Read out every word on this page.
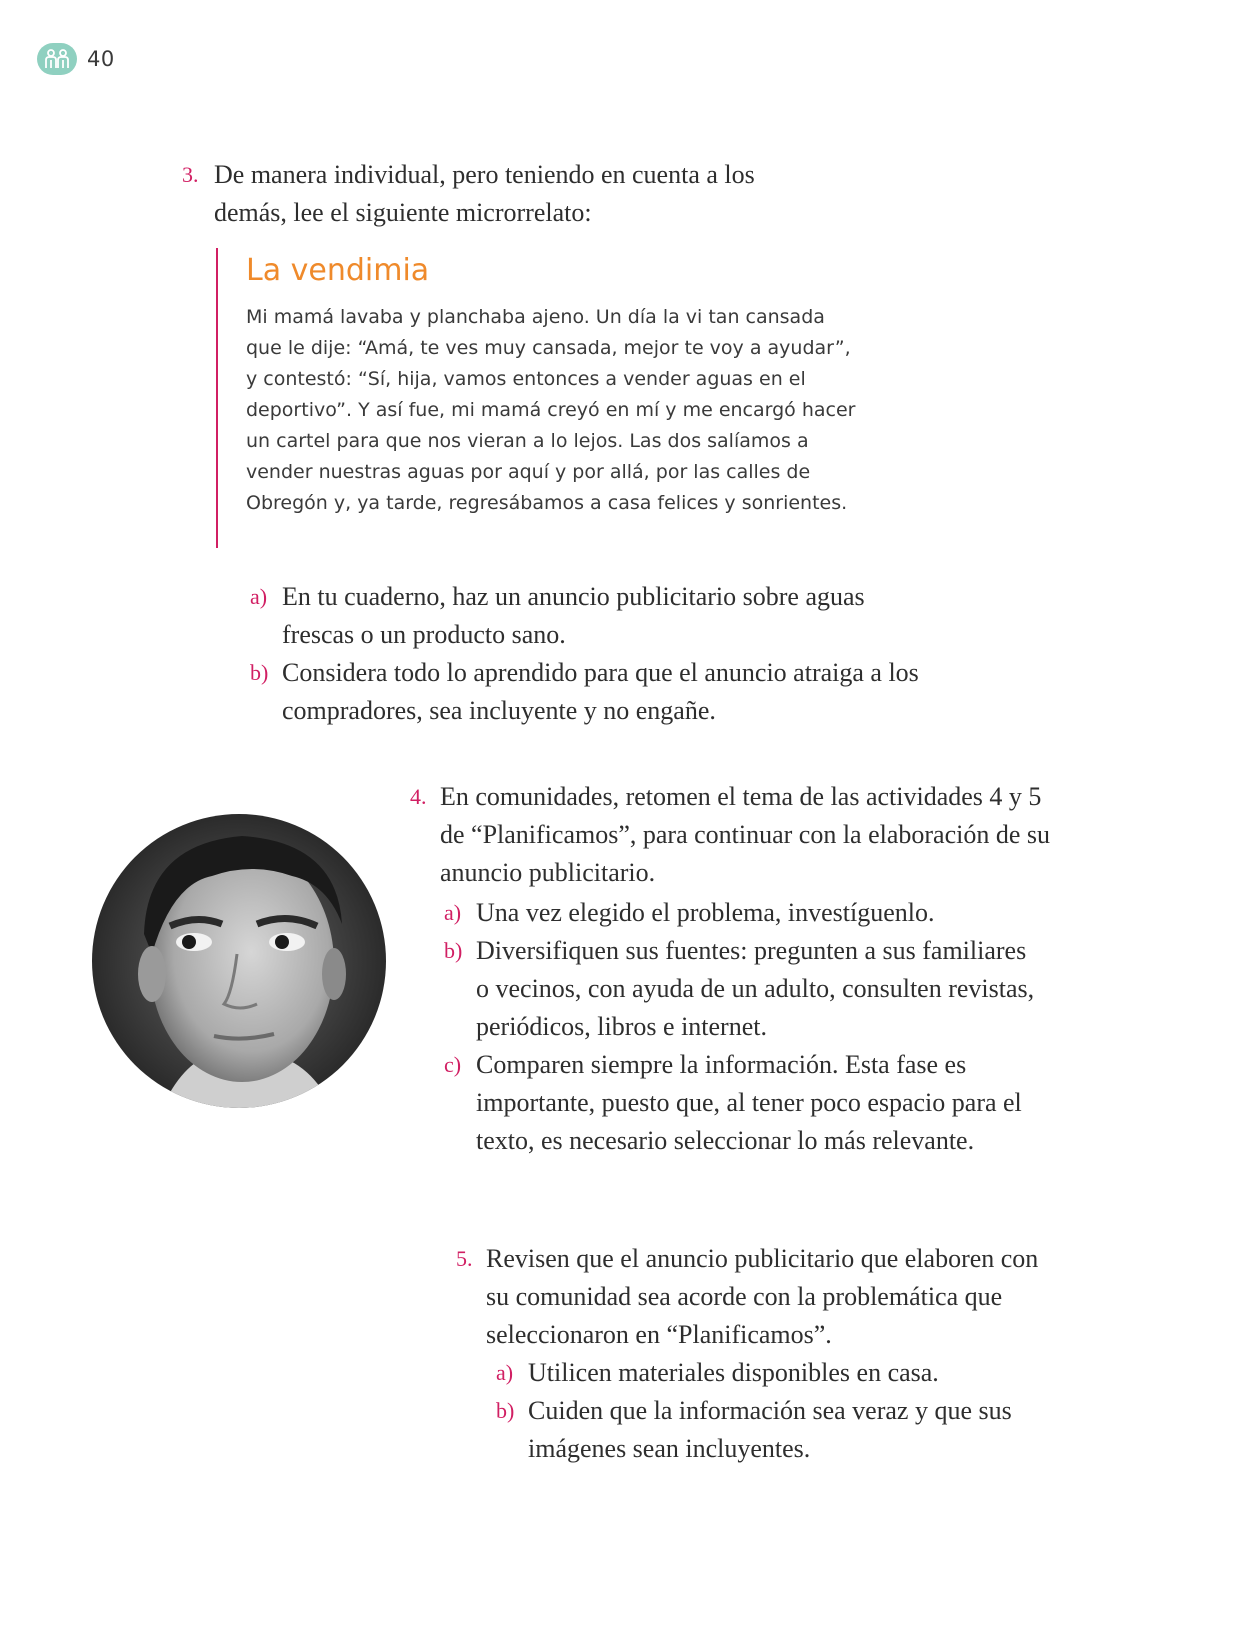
40
3. De manera individual, pero teniendo en cuenta a los demás, lee el siguiente microrrelato:
La vendimia

Mi mamá lavaba y planchaba ajeno. Un día la vi tan cansada que le dije: “Amá, te ves muy cansada, mejor te voy a ayudar”, y contestó: “Sí, hija, vamos entonces a vender aguas en el deportivo”. Y así fue, mi mamá creyó en mí y me encargó hacer un cartel para que nos vieran a lo lejos. Las dos salíamos a vender nuestras aguas por aquí y por allá, por las calles de Obregón y, ya tarde, regresábamos a casa felices y sonrientes.

a) En tu cuaderno, haz un anuncio publicitario sobre aguas frescas o un producto sano.
b) Considera todo lo aprendido para que el anuncio atraiga a los compradores, sea incluyente y no engañe.
4. En comunidades, retomen el tema de las actividades 4 y 5 de “Planificamos”, para continuar con la elaboración de su anuncio publicitario.
a) Una vez elegido el problema, investíguenlo.
b) Diversifiquen sus fuentes: pregunten a sus familiares o vecinos, con ayuda de un adulto, consulten revistas, periódicos, libros e internet.
c) Comparen siempre la información. Esta fase es importante, puesto que, al tener poco espacio para el texto, es necesario seleccionar lo más relevante.
5. Revisen que el anuncio publicitario que elaboren con su comunidad sea acorde con la problemática que seleccionaron en “Planificamos”.
a) Utilicen materiales disponibles en casa.
b) Cuiden que la información sea veraz y que sus imágenes sean incluyentes.
